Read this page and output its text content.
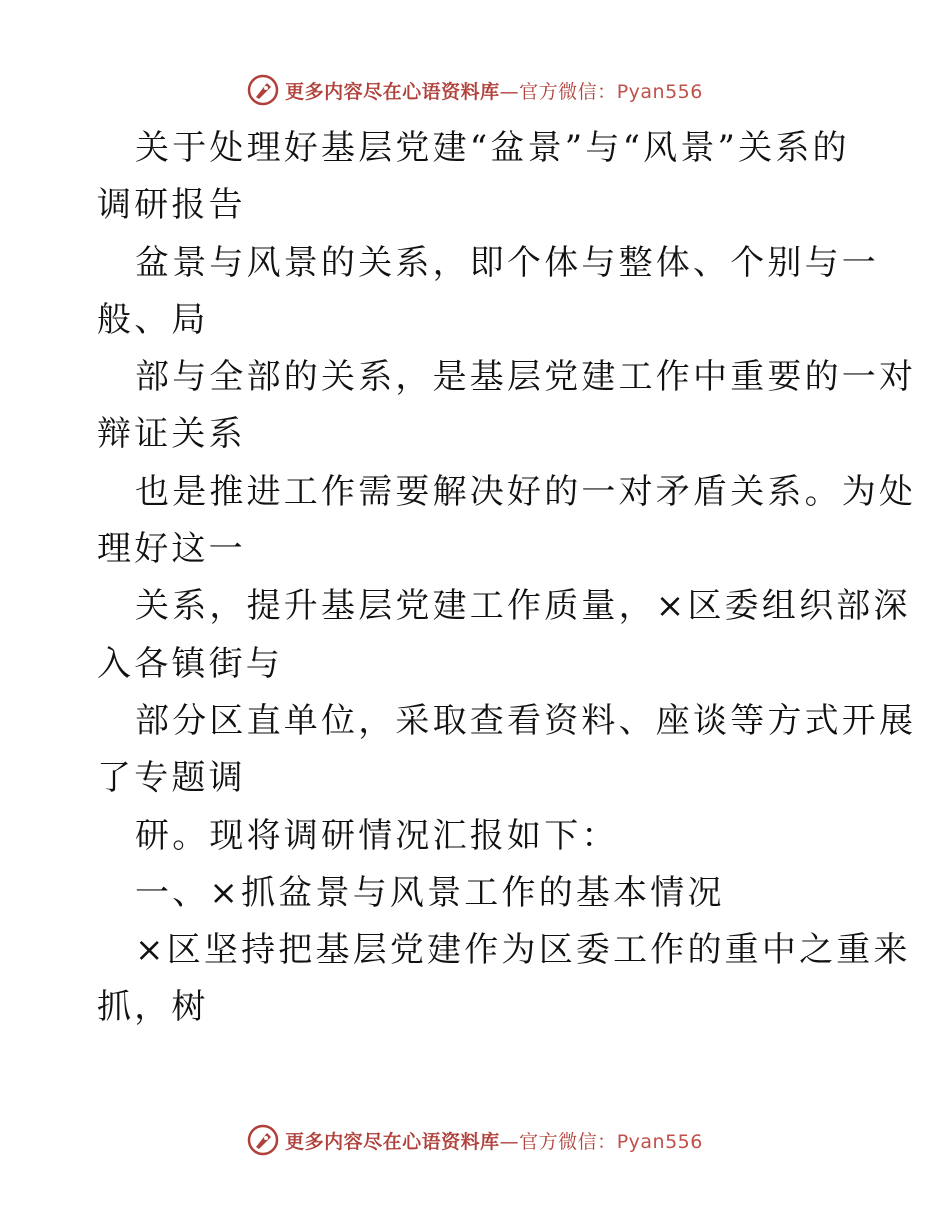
更多内容尽在心语资料库—官方微信：Pyan556
关于处理好基层党建“盆景”与“风景”关系的
调研报告
盆景与风景的关系，即个体与整体、个别与一
般、局
部与全部的关系，是基层党建工作中重要的一对
辩证关系
也是推进工作需要解决好的一对矛盾关系。为处
理好这一
关系，提升基层党建工作质量，×区委组织部深
入各镇街与
部分区直单位，采取查看资料、座谈等方式开展
了专题调
研。现将调研情况汇报如下：
一、×抓盆景与风景工作的基本情况
×区坚持把基层党建作为区委工作的重中之重来
抓，树
更多内容尽在心语资料库—官方微信：Pyan556
